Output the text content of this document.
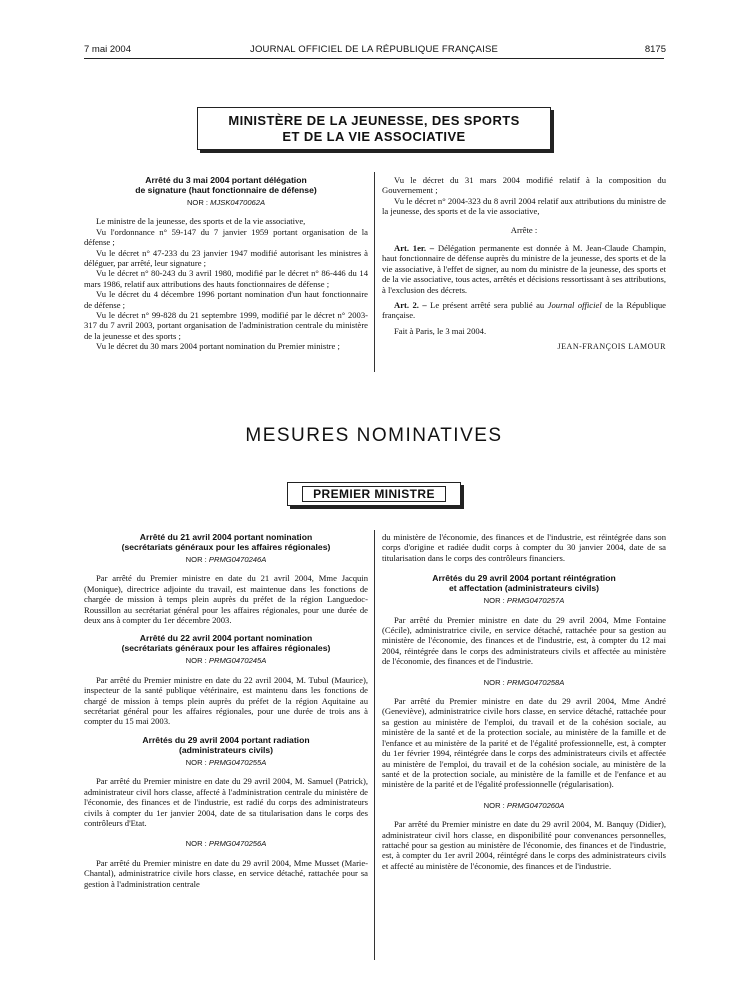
7 mai 2004	JOURNAL OFFICIEL DE LA RÉPUBLIQUE FRANÇAISE	8175
MINISTÈRE DE LA JEUNESSE, DES SPORTS
ET DE LA VIE ASSOCIATIVE
Arrêté du 3 mai 2004 portant délégation
de signature (haut fonctionnaire de défense)
NOR : MJSK0470062A

Le ministre de la jeunesse, des sports et de la vie associative,

Vu l'ordonnance n° 59-147 du 7 janvier 1959 portant organisation de la défense ;

Vu le décret n° 47-233 du 23 janvier 1947 modifié autorisant les ministres à déléguer, par arrêté, leur signature ;

Vu le décret n° 80-243 du 3 avril 1980, modifié par le décret n° 86-446 du 14 mars 1986, relatif aux attributions des hauts fonctionnaires de défense ;

Vu le décret du 4 décembre 1996 portant nomination d'un haut fonctionnaire de défense ;

Vu le décret n° 99-828 du 21 septembre 1999, modifié par le décret n° 2003-317 du 7 avril 2003, portant organisation de l'administration centrale du ministère de la jeunesse et des sports ;

Vu le décret du 30 mars 2004 portant nomination du Premier ministre ;

Vu le décret du 31 mars 2004 modifié relatif à la composition du Gouvernement ;

Vu le décret n° 2004-323 du 8 avril 2004 relatif aux attributions du ministre de la jeunesse, des sports et de la vie associative,

Arrête :

Art. 1er. – Délégation permanente est donnée à M. Jean-Claude Champin, haut fonctionnaire de défense auprès du ministre de la jeunesse, des sports et de la vie associative, à l'effet de signer, au nom du ministre de la jeunesse, des sports et de la vie associative, tous actes, arrêtés et décisions ressortissant à ses attributions, à l'exclusion des décrets.

Art. 2. – Le présent arrêté sera publié au Journal officiel de la République française.

Fait à Paris, le 3 mai 2004.

JEAN-FRANÇOIS LAMOUR
MESURES NOMINATIVES
PREMIER MINISTRE
Arrêté du 21 avril 2004 portant nomination
(secrétariats généraux pour les affaires régionales)
NOR : PRMG0470246A

Par arrêté du Premier ministre en date du 21 avril 2004, Mme Jacquin (Monique), directrice adjointe du travail, est maintenue dans les fonctions de chargée de mission à temps plein auprès du préfet de la région Languedoc-Roussillon au secrétariat général pour les affaires régionales, pour une durée de deux ans à compter du 1er décembre 2003.

Arrêté du 22 avril 2004 portant nomination
(secrétariats généraux pour les affaires régionales)
NOR : PRMG0470245A

Par arrêté du Premier ministre en date du 22 avril 2004, M. Tubul (Maurice), inspecteur de la santé publique vétérinaire, est maintenu dans les fonctions de chargé de mission à temps plein auprès du préfet de la région Aquitaine au secrétariat général pour les affaires régionales, pour une durée de trois ans à compter du 15 mai 2003.

Arrêtés du 29 avril 2004 portant radiation
(administrateurs civils)
NOR : PRMG0470255A

Par arrêté du Premier ministre en date du 29 avril 2004, M. Samuel (Patrick), administrateur civil hors classe, affecté à l'administration centrale du ministère de l'économie, des finances et de l'industrie, est radié du corps des administrateurs civils à compter du 1er janvier 2004, date de sa titularisation dans le corps des contrôleurs d'Etat.

NOR : PRMG0470256A

Par arrêté du Premier ministre en date du 29 avril 2004, Mme Musset (Marie-Chantal), administratrice civile hors classe, en service détaché, rattachée pour sa gestion à l'administration centrale

du ministère de l'économie, des finances et de l'industrie, est réintégrée dans son corps d'origine et radiée dudit corps à compter du 30 janvier 2004, date de sa titularisation dans le corps des contrôleurs financiers.

Arrêtés du 29 avril 2004 portant réintégration
et affectation (administrateurs civils)
NOR : PRMG0470257A

Par arrêté du Premier ministre en date du 29 avril 2004, Mme Fontaine (Cécile), administratrice civile, en service détaché, rattachée pour sa gestion au ministère de l'économie, des finances et de l'industrie, est, à compter du 12 mai 2004, réintégrée dans le corps des administrateurs civils et affectée au ministère de l'économie, des finances et de l'industrie.

NOR : PRMG0470258A

Par arrêté du Premier ministre en date du 29 avril 2004, Mme André (Geneviève), administratrice civile hors classe, en service détaché, rattachée pour sa gestion au ministère de l'emploi, du travail et de la cohésion sociale, au ministère de la santé et de la protection sociale, au ministère de la famille et de l'enfance et au ministère de la parité et de l'égalité professionnelle, est, à compter du 1er février 1994, réintégrée dans le corps des administrateurs civils et affectée au ministère de l'emploi, du travail et de la cohésion sociale, au ministère de la santé et de la protection sociale, au ministère de la famille et de l'enfance et au ministère de la parité et de l'égalité professionnelle (régularisation).

NOR : PRMG0470260A

Par arrêté du Premier ministre en date du 29 avril 2004, M. Banquy (Didier), administrateur civil hors classe, en disponibilité pour convenances personnelles, rattaché pour sa gestion au ministère de l'économie, des finances et de l'industrie, est, à compter du 1er avril 2004, réintégré dans le corps des administrateurs civils et affecté au ministère de l'économie, des finances et de l'industrie.
